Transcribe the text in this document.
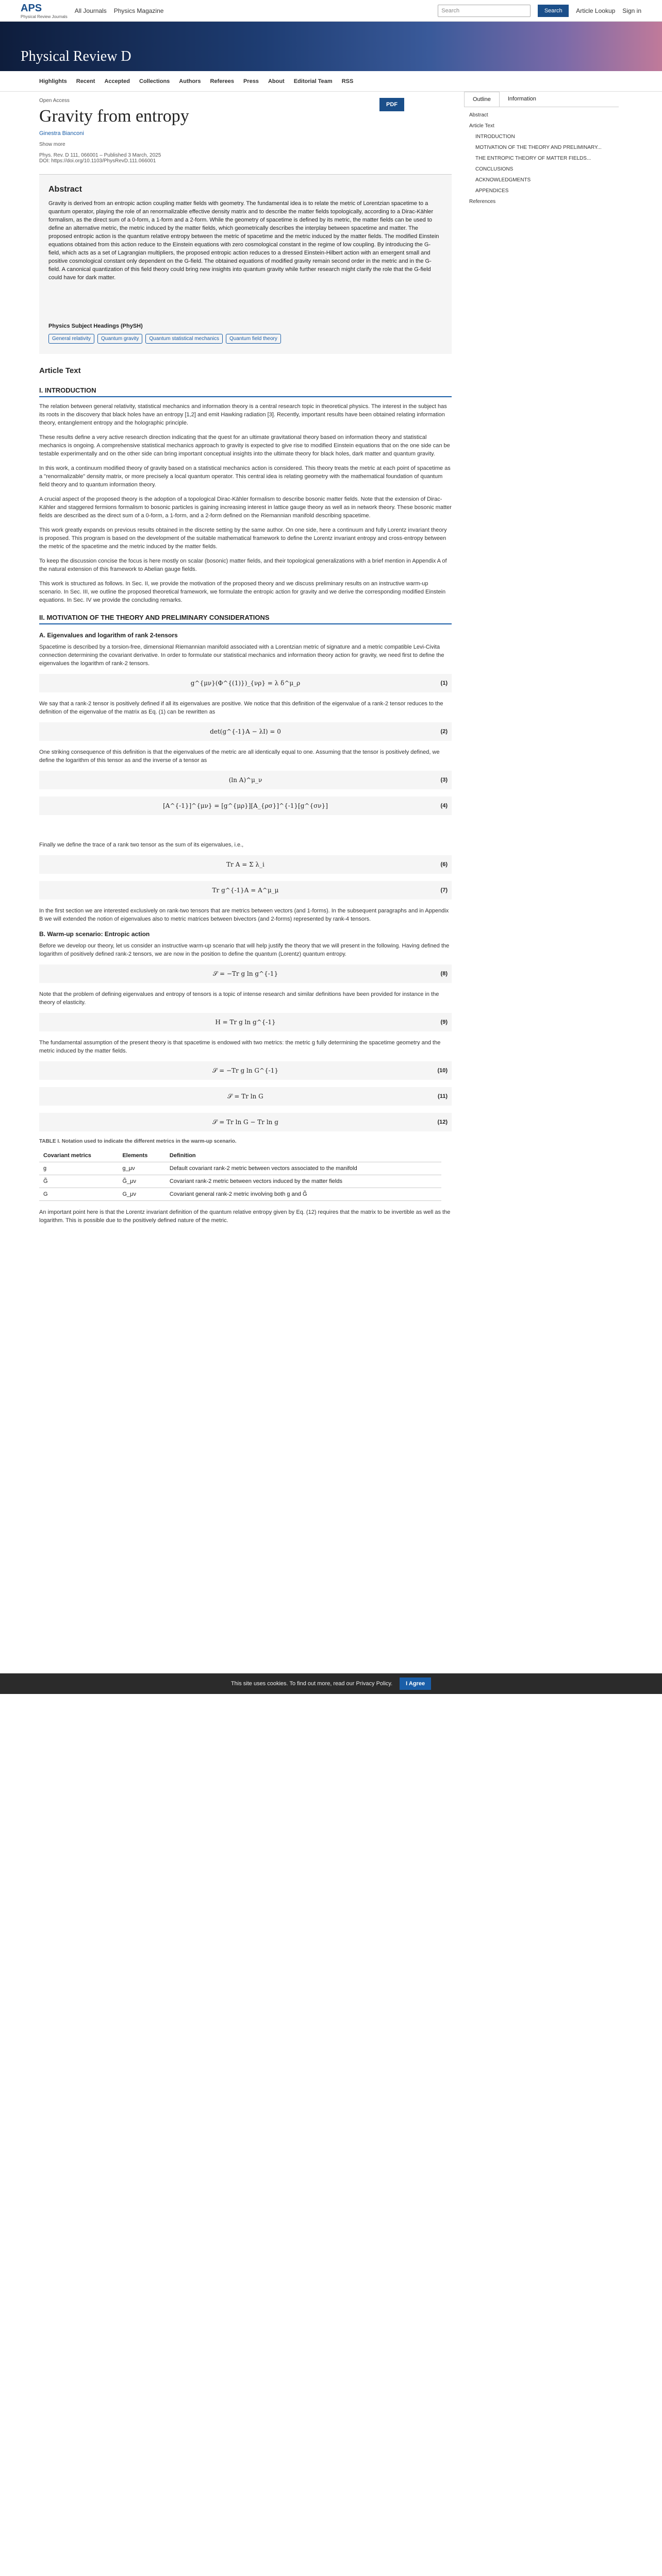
APS
Physical Review Journals
All Journals Physics Magazine	Search	Search	Article Lookup Sign in
Physical Review D
Highlights Recent Accepted Collections Authors Referees Press About Editorial Team RSS
PDF
Open Access
Gravity from entropy
Ginestra Bianconi
Show more
Phys. Rev. D 111, 066001 – Published 3 March, 2025
DOI: https://doi.org/10.1103/PhysRevD.111.066001
Abstract

Gravity is derived from an entropic action coupling matter fields with geometry. The fundamental idea is to relate the metric of Lorentzian spacetime to a quantum operator, playing the role of an renormalizable effective density matrix and to describe the matter fields topologically, according to a Dirac-Kähler formalism, as the direct sum of a 0-form, a 1-form and a 2-form. While the geometry of spacetime is defined by its metric, the matter fields can be used to define an alternative metric, the metric induced by the matter fields, which geometrically describes the interplay between spacetime and matter. The proposed entropic action is the quantum relative entropy between the metric of spacetime and the metric induced by the matter fields. The modified Einstein equations obtained from this action reduce to the Einstein equations with zero cosmological constant in the regime of low coupling. By introducing the G-field, which acts as a set of Lagrangian multipliers, the proposed entropic action reduces to a dressed Einstein-Hilbert action with an emergent small and positive cosmological constant only dependent on the G-field. The obtained equations of modified gravity remain second order in the metric and in the G-field. A canonical quantization of this field theory could bring new insights into quantum gravity while further research might clarify the role that the G-field could have for dark matter.

Physics Subject Headings (PhySH)
General relativity Quantum gravity Quantum statistical mechanics Quantum field theory
Article Text
I. INTRODUCTION

The relation between general relativity, statistical mechanics and information theory is a central research topic in theoretical physics. The interest in the subject has its roots in the discovery that black holes have an entropy [1,2] and emit Hawking radiation [3]. Recently, important results have been obtained relating information theory, entanglement entropy and the holographic principle.

These results define a very active research direction indicating that the quest for an ultimate gravitational theory based on information theory and statistical mechanics is ongoing. A comprehensive statistical mechanics approach to gravity is expected to give rise to modified Einstein equations that on the one side can be testable experimentally and on the other side can bring important conceptual insights into the ultimate theory for black holes, dark matter and quantum gravity.

In this work, a continuum modified theory of gravity based on a statistical mechanics action is considered. This theory treats the metric at each point of spacetime as a "renormalizable" density matrix, or more precisely a local quantum operator. This central idea is relating geometry with the mathematical foundation of quantum field theory and to quantum information theory.

A crucial aspect of the proposed theory is the adoption of a topological Dirac-Kähler formalism to describe bosonic matter fields. Note that the extension of Dirac-Kähler and staggered fermions formalism to bosonic particles is gaining increasing interest in lattice gauge theory as well as in network theory. These bosonic matter fields are described as the direct sum of a 0-form, a 1-form, and a 2-form defined on the Riemannian manifold describing spacetime.

This work greatly expands on previous results obtained in the discrete setting by the same author. On one side, here a continuum and fully Lorentz invariant theory is proposed. This program is based on the development of the suitable mathematical framework to define the Lorentz invariant entropy and cross-entropy between the metric of the spacetime and the metric induced by the matter fields.

To keep the discussion concise the focus is here mostly on scalar (bosonic) matter fields, and their topological generalizations with a brief mention in Appendix A of the natural extension of this framework to Abelian gauge fields.

This work is structured as follows. In Sec. II, we provide the motivation of the proposed theory and we discuss preliminary results on an instructive warm-up scenario. In Sec. III, we outline the proposed theoretical framework, we formulate the entropic action for gravity and we derive the corresponding modified Einstein equations. In Sec. IV we provide the concluding remarks.

II. MOTIVATION OF THE THEORY AND PRELIMINARY CONSIDERATIONS
A. Eigenvalues and logarithm of rank 2-tensors

Spacetime is described by a torsion-free, dimensional Riemannian manifold associated with a Lorentzian metric of signature and a metric compatible Levi-Civita connection determining the covariant derivative. In order to formulate our statistical mechanics and information theory action for gravity, we need first to define the eigenvalues the logarithm of rank-2 tensors.

g^{μν}(Φ^{(1)})_{νρ} = λ δ^μ_ρ	(1)

We say that a rank-2 tensor is positively defined if all its eigenvalues are positive. We notice that this definition of the eigenvalue of a rank-2 tensor reduces to the definition of the eigenvalue of the matrix as Eq. (1) can be rewritten as

det(g^{-1}A − λI) = 0	(2)

One striking consequence of this definition is that the eigenvalues of the metric are all identically equal to one. Assuming that the tensor is positively defined, we define the logarithm of this tensor as and the inverse of a tensor as

(ln A)^μ_ν	(3)
[A^{-1}]^{μν} = [g^{μρ}][A_{ρσ}]^{-1}[g^{σν}]	(4)

Finally we define the trace of a rank two tensor as the sum of its eigenvalues, i.e.,

Tr A = Σ λ_i	(6)
Tr g^{-1}A = A^μ_μ	(7)

In the first section we are interested exclusively on rank-two tensors that are metrics between vectors (and 1-forms). In the subsequent paragraphs and in Appendix B we will extended the notion of eigenvalues also to metric matrices between bivectors (and 2-forms) represented by rank-4 tensors.

B. Warm-up scenario: Entropic action

Before we develop our theory, let us consider an instructive warm-up scenario that will help justify the theory that we will present in the following. Having defined the logarithm of positively defined rank-2 tensors, we are now in the position to define the quantum (Lorentz) quantum entropy.

𝒮 = −Tr g ln g^{-1}	(8)

Note that the problem of defining eigenvalues and entropy of tensors is a topic of intense research and similar definitions have been provided for instance in the theory of elasticity.

H = Tr g ln g^{-1}	(9)

The fundamental assumption of the present theory is that spacetime is endowed with two metrics: the metric g fully determining the spacetime geometry and the metric induced by the matter fields.

𝒮 = −Tr g ln G^{-1}	(10)
𝒮 = Tr ln G	(11)
𝒮 = Tr ln G − Tr ln g	(12)
TABLE I. Notation used to indicate the different metrics in the warm-up scenario.
Covariant metrics	Elements	Definition
g	g_μν	Default covariant rank-2 metric between vectors associated to the manifold
G̃	G̃_μν	Covariant rank-2 metric between vectors induced by the matter fields
G	G_μν	Covariant general rank-2 metric involving both g and G̃

An important point here is that the Lorentz invariant definition of the quantum relative entropy given by Eq. (12) requires that the matrix to be invertible as well as the logarithm. This is possible due to the positively defined nature of the metric.

Outline	Information
Abstract
Article Text
INTRODUCTION
MOTIVATION OF THE THEORY AND PRELIMINARY...
THE ENTROPIC THEORY OF MATTER FIELDS...
CONCLUSIONS
ACKNOWLEDGMENTS
APPENDICES
References
This site uses cookies. To find out more, read our Privacy Policy.	I Agree
